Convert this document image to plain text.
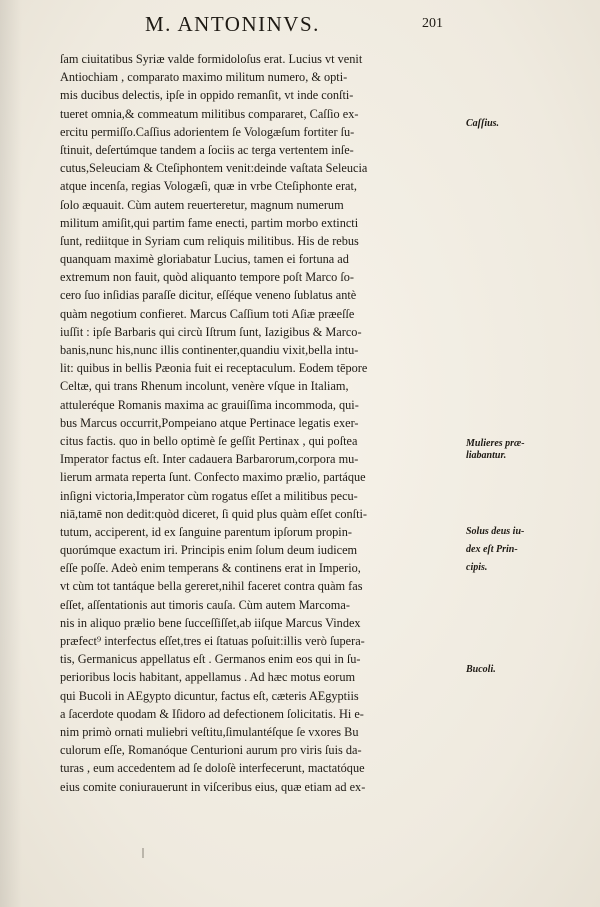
M. ANTONINVS.	201
ſam ciuitatibus Syriæ valde formidoloſus erat. Lucius vt venit
Antiochiam , comparato maximo militum numero, & opti-
mis ducibus delectis, ipſe in oppido remanſit, vt inde conſti-
tueret omnia,& commeatum militibus compararet, Caſſio ex-
ercitu permiſſo.Caſſius adorientem ſe Vologæſum fortiter ſu-
ſtinuit, deſertúmque tandem a ſociis ac terga vertentem inſe-
cutus,Seleuciam & Cteſiphontem venit:deinde vaſtata Seleucia
atque incenſa, regias Vologæſi, quæ in vrbe Cteſiphonte erat,
ſolo æquauit. Cùm autem reuerteretur, magnum numerum
militum amiſit,qui partim fame enecti, partim morbo extincti
ſunt, rediitque in Syriam cum reliquis militibus. His de rebus
quanquam maximè gloriabatur Lucius, tamen ei fortuna ad
extremum non fauit, quòd aliquanto tempore poſt Marco ſo-
cero ſuo inſidias paraſſe dicitur, eſſéque veneno ſublatus antè
quàm negotium confieret. Marcus Caſſium toti Aſiæ præeſſe
iuſſit : ipſe Barbaris qui circù Iſtrum ſunt, Iazigibus & Marco-
banis,nunc his,nunc illis continenter,quandiu vixit,bella intu-
lit: quibus in bellis Pæonia fuit ei receptaculum. Eodem tēpore
Celtæ, qui trans Rhenum incolunt, venère vſque in Italiam,
attuleréque Romanis maxima ac grauiſſima incommoda, qui-
bus Marcus occurrit,Pompeiano atque Pertinace legatis exer-
citus factis. quo in bello optimè ſe geſſit Pertinax , qui poſtea
Imperator factus eſt. Inter cadauera Barbarorum,corpora mu-
lierum armata reperta ſunt. Confecto maximo prælio, partáque
inſigni victoria,Imperator cùm rogatus eſſet a militibus pecu-
niā,tamē non dedit:quòd diceret, ſi quid plus quàm eſſet conſti-
tutum, acciperent, id ex ſanguine parentum ipſorum propin-
quorúmque exactum iri. Principis enim ſolum deum iudicem
eſſe poſſe. Adeò enim temperans & continens erat in Imperio,
vt cùm tot tantáque bella gereret,nihil faceret contra quàm fas
eſſet, aſſentationis aut timoris cauſa. Cùm autem Marcoma-
nis in aliquo prælio bene ſucceſſiſſet,ab iiſque Marcus Vindex
præfect⁹ interfectus eſſet,tres ei ſtatuas poſuit:illis verò ſupera-
tis, Germanicus appellatus eſt . Germanos enim eos qui in ſu-
perioribus locis habitant, appellamus . Ad hæc motus eorum
qui Bucoli in AEgypto dicuntur, factus eſt, cæteris AEgyptiis
a ſacerdote quodam & Iſidoro ad defectionem ſolicitatis. Hi e-
nim primò ornati muliebri veſtitu,ſimulantéſque ſe vxores Bu
culorum eſſe, Romanóque Centurioni aurum pro viris ſuis da-
turas , eum accedentem ad ſe doloſè interfecerunt, mactatóque
eius comite coniurauerunt in viſceribus eius, quæ etiam ad ex-
Caſſius.
Mulieres præ-
liabantur.
Solus deus iu-
dex eſt Prin-
cipis.
Bucoli.
